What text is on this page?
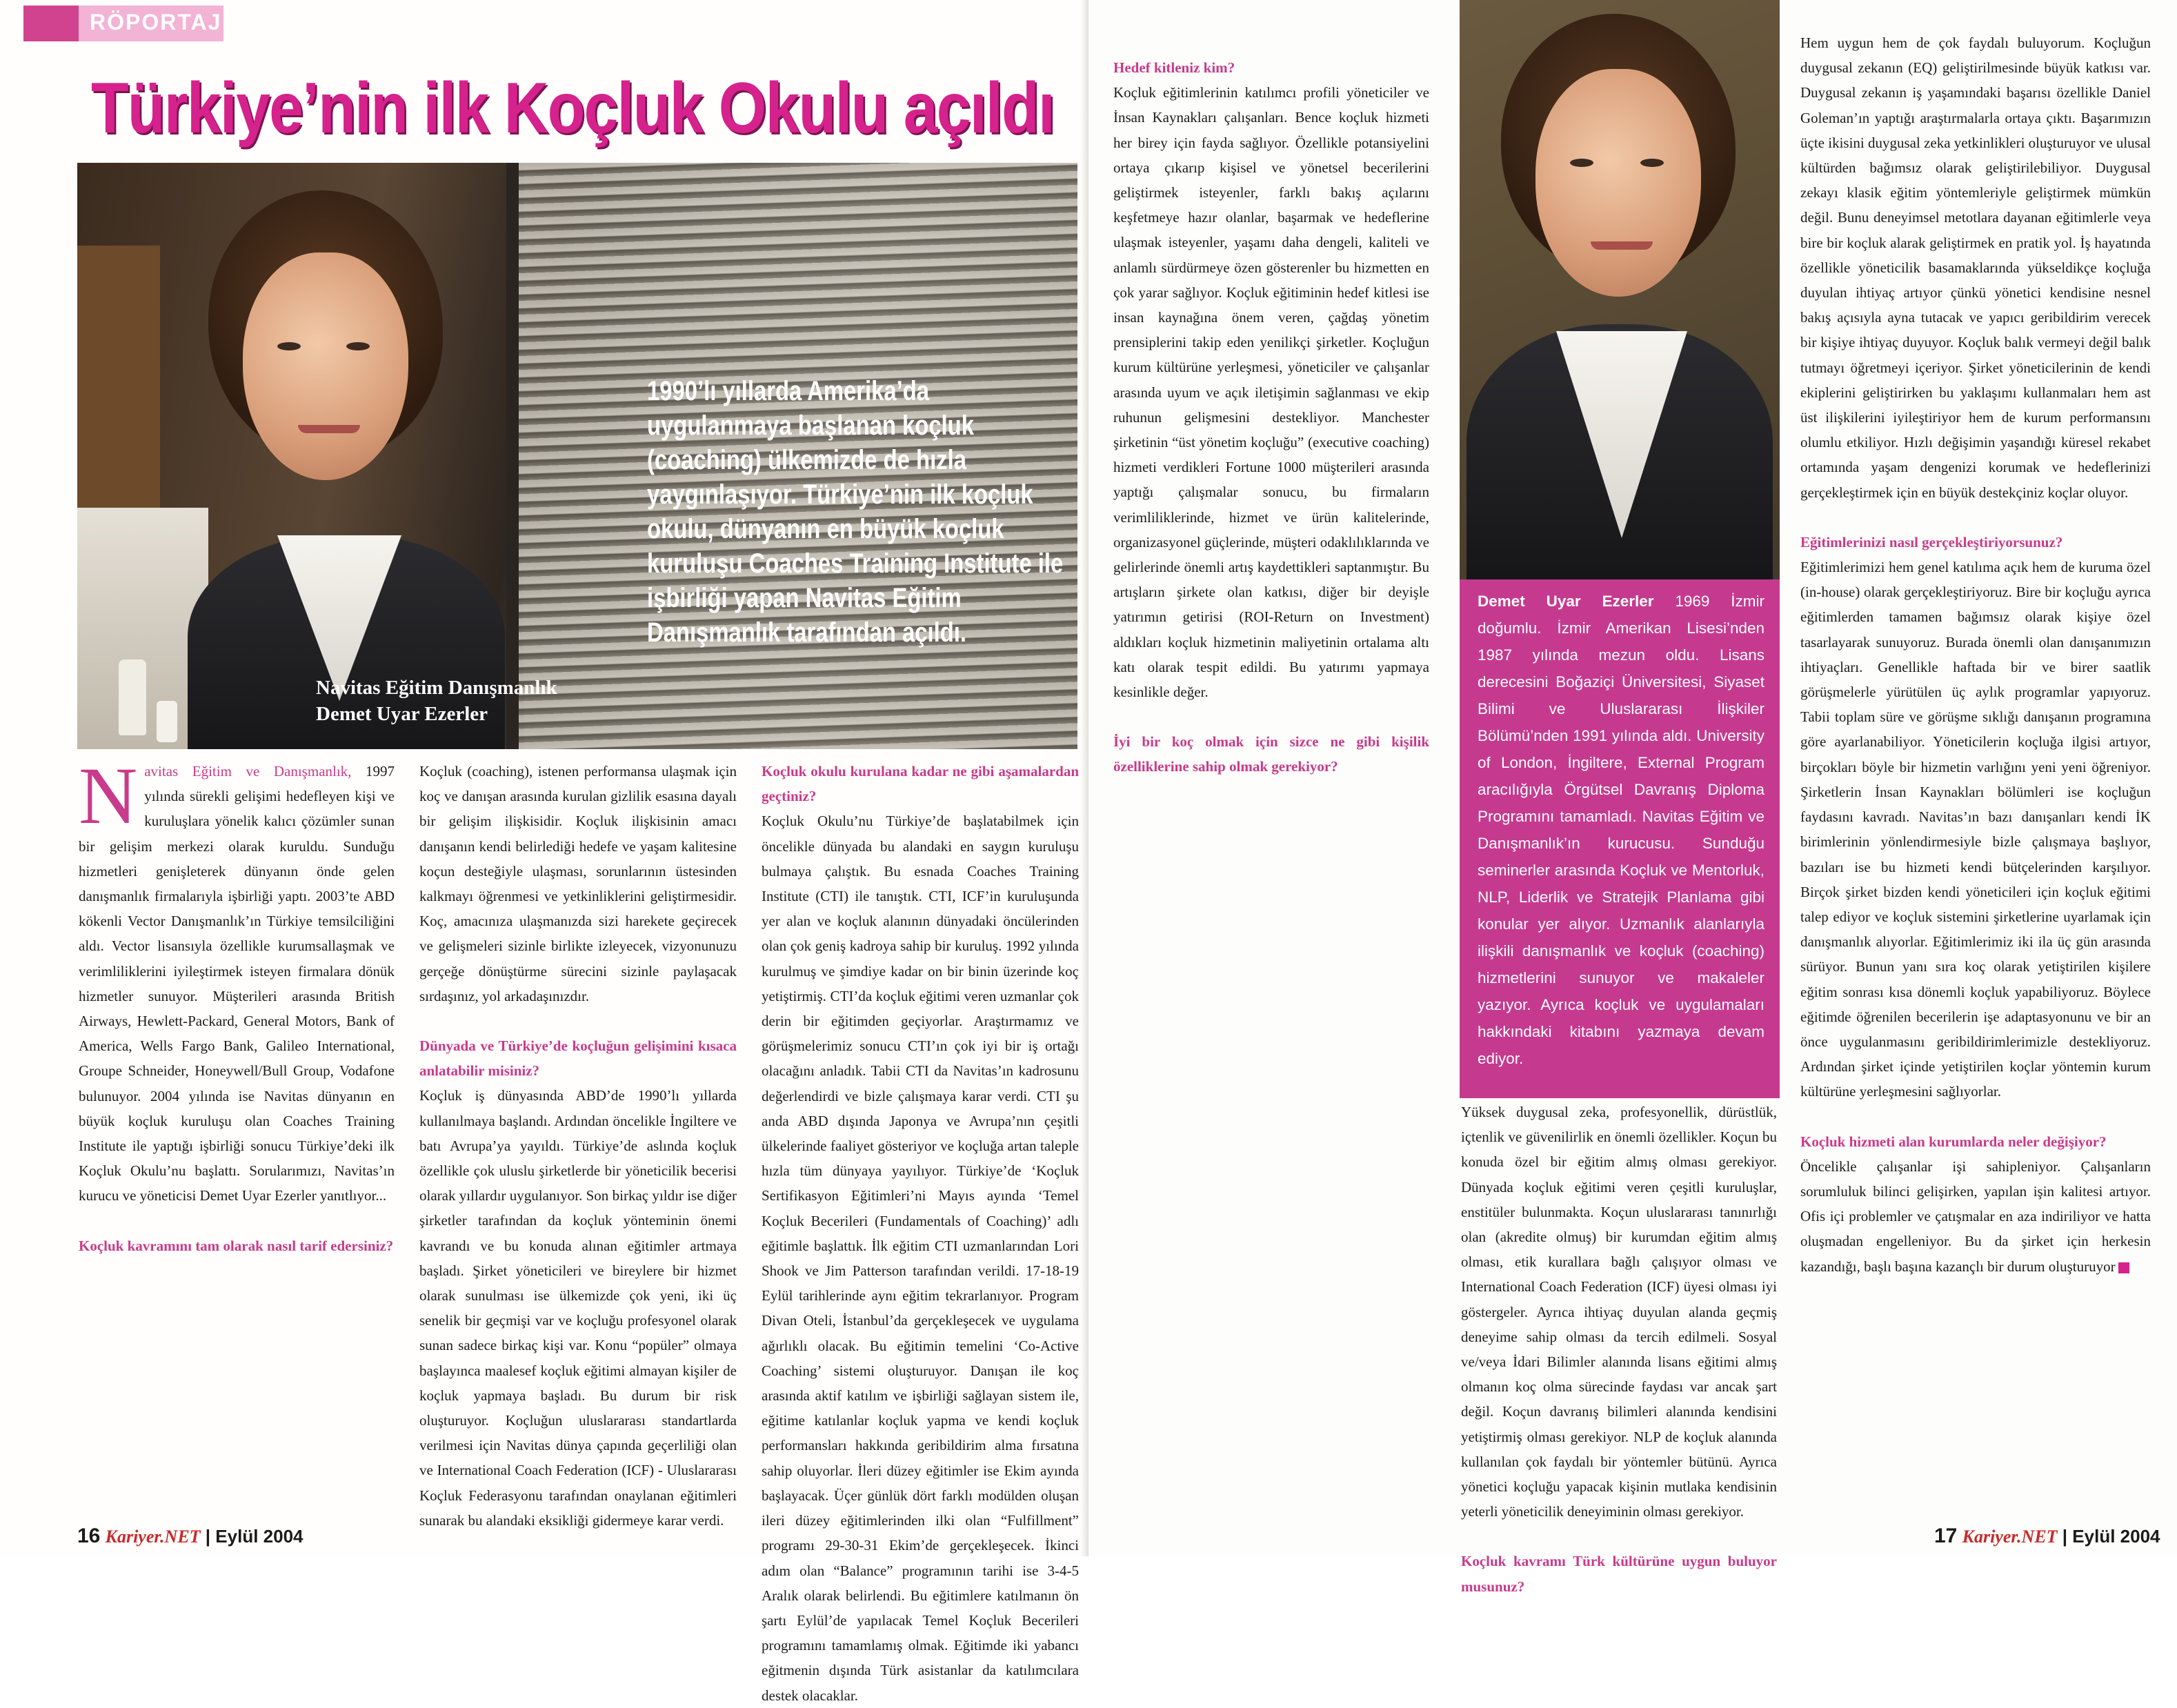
RÖPORTAJ
Türkiye’nin ilk Koçluk Okulu açıldı

Navitas Eğitim Danışmanlık
Demet Uyar Ezerler

1990’lı yıllarda Amerika’da uygulanmaya başlanan koçluk (coaching) ülkemizde de hızla yaygınlaşıyor. Türkiye’nin ilk koçluk okulu, dünyanın en büyük koçluk kuruluşu Coaches Training Institute ile işbirliği yapan Navitas Eğitim Danışmanlık tarafından açıldı.

Navitas Eğitim ve Danışmanlık, 1997 yılında sürekli gelişimi hedefleyen kişi ve kuruluşlara yönelik kalıcı çözümler sunan bir gelişim merkezi olarak kuruldu. Sunduğu hizmetleri genişleterek dünyanın önde gelen danışmanlık firmalarıyla işbirliği yaptı. 2003’te ABD kökenli Vector Danışmanlık’ın Türkiye temsilciliğini aldı. Vector lisansıyla özellikle kurumsallaşmak ve verimliliklerini iyileştirmek isteyen firmalara dönük hizmetler sunuyor. Müşterileri arasında British Airways, Hewlett-Packard, General Motors, Bank of America, Wells Fargo Bank, Galileo International, Groupe Schneider, Honeywell/Bull Group, Vodafone bulunuyor. 2004 yılında ise Navitas dünyanın en büyük koçluk kuruluşu olan Coaches Training Institute ile yaptığı işbirliği sonucu Türkiye’deki ilk Koçluk Okulu’nu başlattı. Sorularımızı, Navitas’ın kurucu ve yöneticisi Demet Uyar Ezerler yanıtlıyor...

Koçluk kavramını tam olarak nasıl tarif edersiniz?

Koçluk (coaching), istenen performansa ulaşmak için koç ve danışan arasında kurulan gizlilik esasına dayalı bir gelişim ilişkisidir. Koçluk ilişkisinin amacı danışanın kendi belirlediği hedefe ve yaşam kalitesine koçun desteğiyle ulaşması, sorunlarının üstesinden kalkmayı öğrenmesi ve yetkinliklerini geliştirmesidir. Koç, amacınıza ulaşmanızda sizi harekete geçirecek ve gelişmeleri sizinle birlikte izleyecek, vizyonunuzu gerçeğe dönüştürme sürecini sizinle paylaşacak sırdaşınız, yol arkadaşınızdır.

Dünyada ve Türkiye’de koçluğun gelişimini kısaca anlatabilir misiniz?

Koçluk iş dünyasında ABD’de 1990’lı yıllarda kullanılmaya başlandı. Ardından öncelikle İngiltere ve batı Avrupa’ya yayıldı. Türkiye’de aslında koçluk özellikle çok uluslu şirketlerde bir yöneticilik becerisi olarak yıllardır uygulanıyor. Son birkaç yıldır ise diğer şirketler tarafından da koçluk yönteminin önemi kavrandı ve bu konuda alınan eğitimler artmaya başladı. Şirket yöneticileri ve bireylere bir hizmet olarak sunulması ise ülkemizde çok yeni, iki üç senelik bir geçmişi var ve koçluğu profesyonel olarak sunan sadece birkaç kişi var. Konu “popüler” olmaya başlayınca maalesef koçluk eğitimi almayan kişiler de koçluk yapmaya başladı. Bu durum bir risk oluşturuyor. Koçluğun uluslararası standartlarda verilmesi için Navitas dünya çapında geçerliliği olan ve International Coach Federation (ICF) - Uluslararası Koçluk Federasyonu tarafından onaylanan eğitimleri sunarak bu alandaki eksikliği gidermeye karar verdi.

Koçluk okulu kurulana kadar ne gibi aşamalardan geçtiniz?

Koçluk Okulu’nu Türkiye’de başlatabilmek için öncelikle dünyada bu alandaki en saygın kuruluşu bulmaya çalıştık. Bu esnada Coaches Training Institute (CTI) ile tanıştık. CTI, ICF’in kuruluşunda yer alan ve koçluk alanının dünyadaki öncülerinden olan çok geniş kadroya sahip bir kuruluş. 1992 yılında kurulmuş ve şimdiye kadar on bir binin üzerinde koç yetiştirmiş. CTI’da koçluk eğitimi veren uzmanlar çok derin bir eğitimden geçiyorlar. Araştırmamız ve görüşmelerimiz sonucu CTI’ın çok iyi bir iş ortağı olacağını anladık. Tabii CTI da Navitas’ın kadrosunu değerlendirdi ve bizle çalışmaya karar verdi. CTI şu anda ABD dışında Japonya ve Avrupa’nın çeşitli ülkelerinde faaliyet gösteriyor ve koçluğa artan taleple hızla tüm dünyaya yayılıyor. Türkiye’de ‘Koçluk Sertifikasyon Eğitimleri’ni Mayıs ayında ‘Temel Koçluk Becerileri (Fundamentals of Coaching)’ adlı eğitimle başlattık. İlk eğitim CTI uzmanlarından Lori Shook ve Jim Patterson tarafından verildi. 17-18-19 Eylül tarihlerinde aynı eğitim tekrarlanıyor. Program Divan Oteli, İstanbul’da gerçekleşecek ve uygulama ağırlıklı olacak. Bu eğitimin temelini ‘Co-Active Coaching’ sistemi oluşturuyor. Danışan ile koç arasında aktif katılım ve işbirliği sağlayan sistem ile, eğitime katılanlar koçluk yapma ve kendi koçluk performansları hakkında geribildirim alma fırsatına sahip oluyorlar. İleri düzey eğitimler ise Ekim ayında başlayacak. Üçer günlük dört farklı modülden oluşan ileri düzey eğitimlerinden ilki olan “Fulfillment” programı 29-30-31 Ekim’de gerçekleşecek. İkinci adım olan “Balance” programının tarihi ise 3-4-5 Aralık olarak belirlendi. Bu eğitimlere katılmanın ön şartı Eylül’de yapılacak Temel Koçluk Becerileri programını tamamlamış olmak. Eğitimde iki yabancı eğitmenin dışında Türk asistanlar da katılımcılara destek olacaklar.

16 Kariyer.NET | Eylül 2004

Hedef kitleniz kim?

Koçluk eğitimlerinin katılımcı profili yöneticiler ve İnsan Kaynakları çalışanları. Bence koçluk hizmeti her birey için fayda sağlıyor. Özellikle potansiyelini ortaya çıkarıp kişisel ve yönetsel becerilerini geliştirmek isteyenler, farklı bakış açılarını keşfetmeye hazır olanlar, başarmak ve hedeflerine ulaşmak isteyenler, yaşamı daha dengeli, kaliteli ve anlamlı sürdürmeye özen gösterenler bu hizmetten en çok yarar sağlıyor. Koçluk eğitiminin hedef kitlesi ise insan kaynağına önem veren, çağdaş yönetim prensiplerini takip eden yenilikçi şirketler. Koçluğun kurum kültürüne yerleşmesi, yöneticiler ve çalışanlar arasında uyum ve açık iletişimin sağlanması ve ekip ruhunun gelişmesini destekliyor. Manchester şirketinin “üst yönetim koçluğu” (executive coaching) hizmeti verdikleri Fortune 1000 müşterileri arasında yaptığı çalışmalar sonucu, bu firmaların verimliliklerinde, hizmet ve ürün kalitelerinde, organizasyonel güçlerinde, müşteri odaklılıklarında ve gelirlerinde önemli artış kaydettikleri saptanmıştır. Bu artışların şirkete olan katkısı, diğer bir deyişle yatırımın getirisi (ROI-Return on Investment) aldıkları koçluk hizmetinin maliyetinin ortalama altı katı olarak tespit edildi. Bu yatırımı yapmaya kesinlikle değer.

İyi bir koç olmak için sizce ne gibi kişilik özelliklerine sahip olmak gerekiyor?

Demet Uyar Ezerler 1969 İzmir doğumlu. İzmir Amerikan Lisesi’nden 1987 yılında mezun oldu. Lisans derecesini Boğaziçi Üniversitesi, Siyaset Bilimi ve Uluslararası İlişkiler Bölümü’nden 1991 yılında aldı. University of London, İngiltere, External Program aracılığıyla Örgütsel Davranış Diploma Programını tamamladı. Navitas Eğitim ve Danışmanlık’ın kurucusu. Sunduğu seminerler arasında Koçluk ve Mentorluk, NLP, Liderlik ve Stratejik Planlama gibi konular yer alıyor. Uzmanlık alanlarıyla ilişkili danışmanlık ve koçluk (coaching) hizmetlerini sunuyor ve makaleler yazıyor. Ayrıca koçluk ve uygulamaları hakkındaki kitabını yazmaya devam ediyor.

Yüksek duygusal zeka, profesyonellik, dürüstlük, içtenlik ve güvenilirlik en önemli özellikler. Koçun bu konuda özel bir eğitim almış olması gerekiyor. Dünyada koçluk eğitimi veren çeşitli kuruluşlar, enstitüler bulunmakta. Koçun uluslararası tanınırlığı olan (akredite olmuş) bir kurumdan eğitim almış olması, etik kurallara bağlı çalışıyor olması ve International Coach Federation (ICF) üyesi olması iyi göstergeler. Ayrıca ihtiyaç duyulan alanda geçmiş deneyime sahip olması da tercih edilmeli. Sosyal ve/veya İdari Bilimler alanında lisans eğitimi almış olmanın koç olma sürecinde faydası var ancak şart değil. Koçun davranış bilimleri alanında kendisini yetiştirmiş olması gerekiyor. NLP de koçluk alanında kullanılan çok faydalı bir yöntemler bütünü. Ayrıca yönetici koçluğu yapacak kişinin mutlaka kendisinin yeterli yöneticilik deneyiminin olması gerekiyor.

Koçluk kavramı Türk kültürüne uygun buluyor musunuz?

Hem uygun hem de çok faydalı buluyorum. Koçluğun duygusal zekanın (EQ) geliştirilmesinde büyük katkısı var. Duygusal zekanın iş yaşamındaki başarısı özellikle Daniel Goleman’ın yaptığı araştırmalarla ortaya çıktı. Başarımızın üçte ikisini duygusal zeka yetkinlikleri oluşturuyor ve ulusal kültürden bağımsız olarak geliştirilebiliyor. Duygusal zekayı klasik eğitim yöntemleriyle geliştirmek mümkün değil. Bunu deneyimsel metotlara dayanan eğitimlerle veya bire bir koçluk alarak geliştirmek en pratik yol. İş hayatında özellikle yöneticilik basamaklarında yükseldikçe koçluğa duyulan ihtiyaç artıyor çünkü yönetici kendisine nesnel bakış açısıyla ayna tutacak ve yapıcı geribildirim verecek bir kişiye ihtiyaç duyuyor. Koçluk balık vermeyi değil balık tutmayı öğretmeyi içeriyor. Şirket yöneticilerinin de kendi ekiplerini geliştirirken bu yaklaşımı kullanmaları hem ast üst ilişkilerini iyileştiriyor hem de kurum performansını olumlu etkiliyor. Hızlı değişimin yaşandığı küresel rekabet ortamında yaşam dengenizi korumak ve hedeflerinizi gerçekleştirmek için en büyük destekçiniz koçlar oluyor.

Eğitimlerinizi nasıl gerçekleştiriyorsunuz?

Eğitimlerimizi hem genel katılıma açık hem de kuruma özel (in-house) olarak gerçekleştiriyoruz. Bire bir koçluğu ayrıca eğitimlerden tamamen bağımsız olarak kişiye özel tasarlayarak sunuyoruz. Burada önemli olan danışanımızın ihtiyaçları. Genellikle haftada bir ve birer saatlik görüşmelerle yürütülen üç aylık programlar yapıyoruz. Tabii toplam süre ve görüşme sıklığı danışanın programına göre ayarlanabiliyor. Yöneticilerin koçluğa ilgisi artıyor, birçokları böyle bir hizmetin varlığını yeni yeni öğreniyor. Şirketlerin İnsan Kaynakları bölümleri ise koçluğun faydasını kavradı. Navitas’ın bazı danışanları kendi İK birimlerinin yönlendirmesiyle bizle çalışmaya başlıyor, bazıları ise bu hizmeti kendi bütçelerinden karşılıyor. Birçok şirket bizden kendi yöneticileri için koçluk eğitimi talep ediyor ve koçluk sistemini şirketlerine uyarlamak için danışmanlık alıyorlar. Eğitimlerimiz iki ila üç gün arasında sürüyor. Bunun yanı sıra koç olarak yetiştirilen kişilere eğitim sonrası kısa dönemli koçluk yapabiliyoruz. Böylece eğitimde öğrenilen becerilerin işe adaptasyonunu ve bir an önce uygulanmasını geribildirimlerimizle destekliyoruz. Ardından şirket içinde yetiştirilen koçlar yöntemin kurum kültürüne yerleşmesini sağlıyorlar.

Koçluk hizmeti alan kurumlarda neler değişiyor?

Öncelikle çalışanlar işi sahipleniyor. Çalışanların sorumluluk bilinci gelişirken, yapılan işin kalitesi artıyor. Ofis içi problemler ve çatışmalar en aza indiriliyor ve hatta oluşmadan engelleniyor. Bu da şirket için herkesin kazandığı, başlı başına kazançlı bir durum oluşturuyor

17 Kariyer.NET | Eylül 2004
